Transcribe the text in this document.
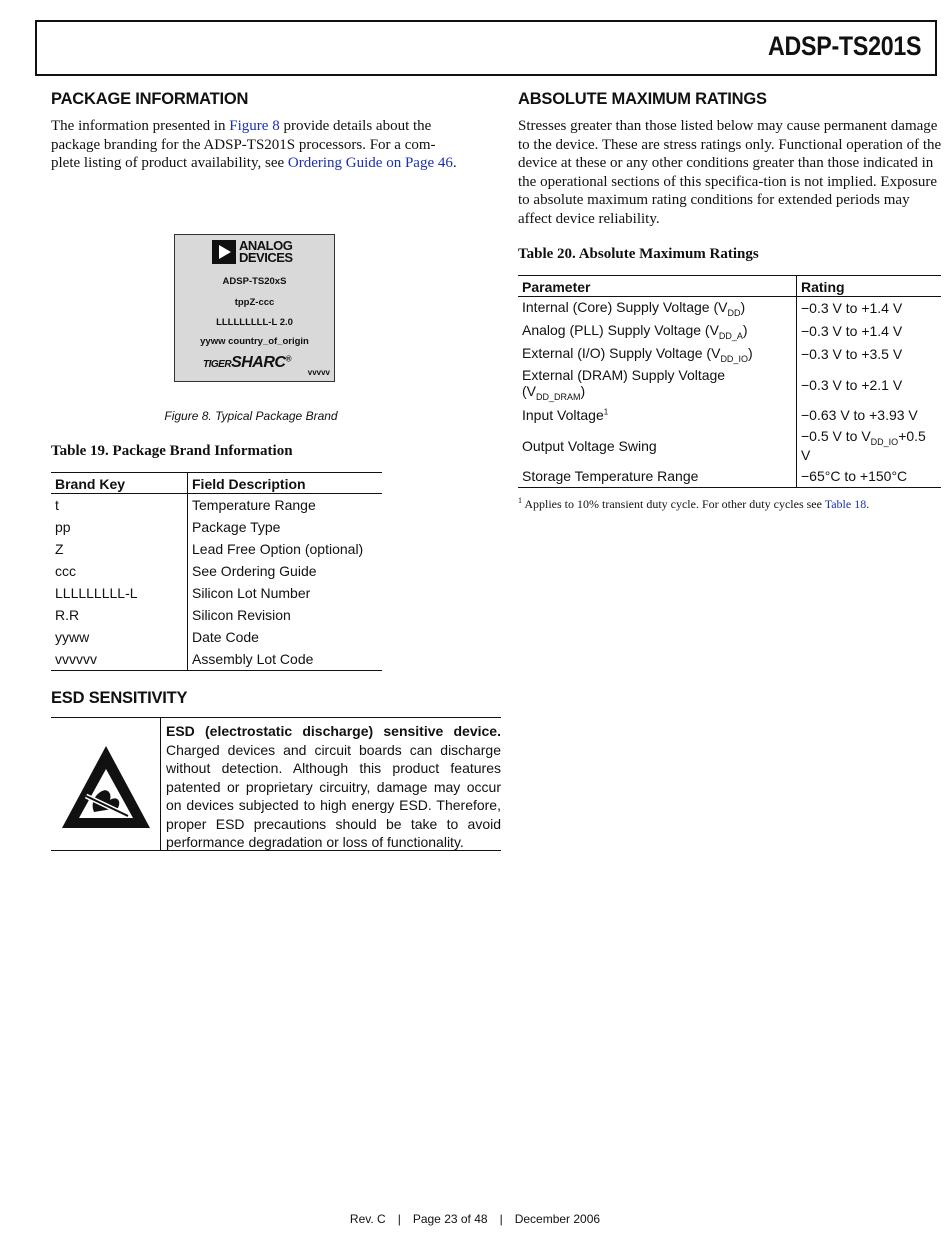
ADSP-TS201S
PACKAGE INFORMATION

The information presented in Figure 8 provide details about the package branding for the ADSP-TS201S processors. For a com-plete listing of product availability, see Ordering Guide on Page 46.

ANALOG
DEVICES
ADSP-TS20xS
tppZ-ccc
LLLLLLLLL-L 2.0
yyww country_of_origin
TIGERSHARC®
vvvvv
Figure 8. Typical Package Brand
Table 19. Package Brand Information
Brand Key	Field Description
t	Temperature Range
pp	Package Type
Z	Lead Free Option (optional)
ccc	See Ordering Guide
LLLLLLLLL-L	Silicon Lot Number
R.R	Silicon Revision
yyww	Date Code
vvvvvv	Assembly Lot Code
ESD SENSITIVITY
ESD (electrostatic discharge) sensitive device. Charged devices and circuit boards can discharge without detection. Although this product features patented or proprietary circuitry, damage may occur on devices subjected to high energy ESD. Therefore, proper ESD precautions should be take to avoid performance degradation or loss of functionality.
ABSOLUTE MAXIMUM RATINGS

Stresses greater than those listed below may cause permanent damage to the device. These are stress ratings only. Functional operation of the device at these or any other conditions greater than those indicated in the operational sections of this specifica-tion is not implied. Exposure to absolute maximum rating conditions for extended periods may affect device reliability.

Table 20. Absolute Maximum Ratings
Parameter	Rating
Internal (Core) Supply Voltage $(V_{DD})$	−0.3 V to +1.4 V
Analog (PLL) Supply Voltage $(V_{DD\_A})$	−0.3 V to +1.4 V
External (I/O) Supply Voltage $(V_{DD\_IO})$	−0.3 V to +3.5 V
External (DRAM) Supply Voltage $(V_{DD\_DRAM})$	−0.3 V to +2.1 V
Input Voltage$^1$	−0.63 V to +3.93 V
Output Voltage Swing	−0.5 V to $V_{DD\_IO}+0.5$ V
Storage Temperature Range	−65°C to +150°C
$^1$ Applies to 10% transient duty cycle. For other duty cycles see Table 18.
Rev. C | Page 23 of 48 | December 2006
